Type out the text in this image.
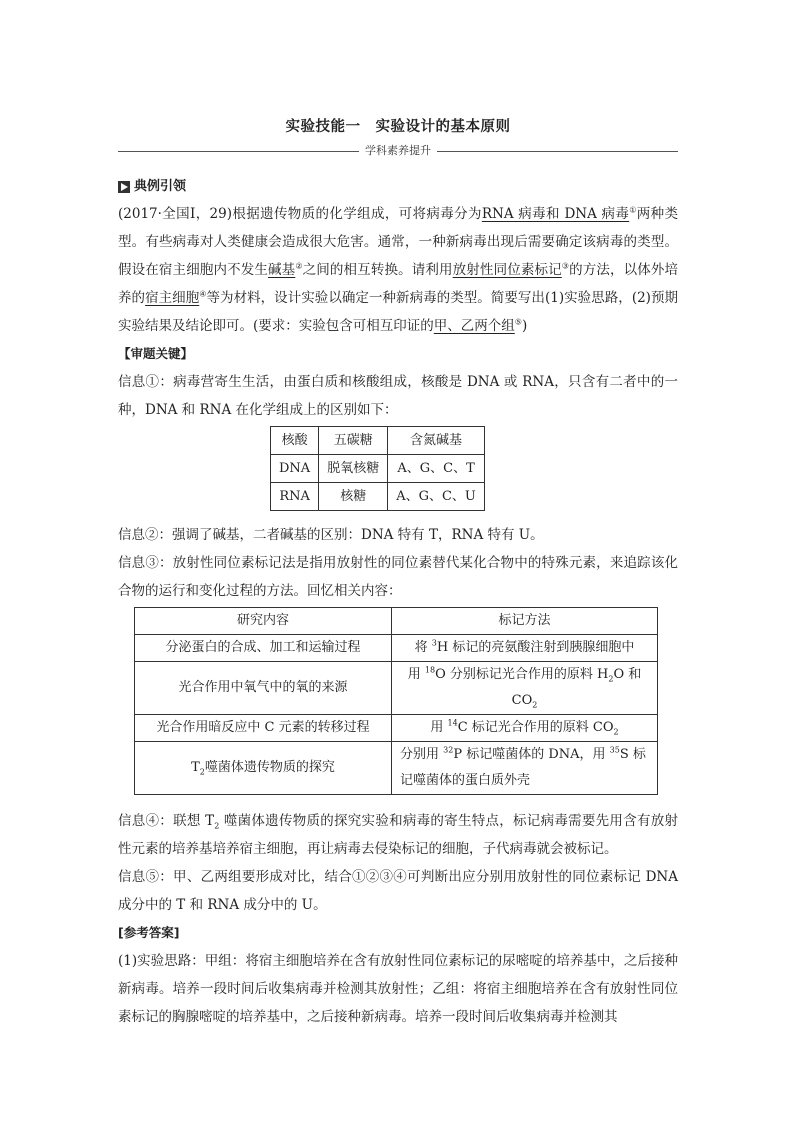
实验技能一　实验设计的基本原则
学科素养提升
典例引领

(2017·全国Ⅰ，29)根据遗传物质的化学组成，可将病毒分为RNA 病毒和 DNA 病毒①两种类型。有些病毒对人类健康会造成很大危害。通常，一种新病毒出现后需要确定该病毒的类型。假设在宿主细胞内不发生碱基②之间的相互转换。请利用放射性同位素标记③的方法，以体外培养的宿主细胞④等为材料，设计实验以确定一种新病毒的类型。简要写出(1)实验思路，(2)预期实验结果及结论即可。(要求：实验包含可相互印证的甲、乙两个组⑤)

【审题关键】

信息①：病毒营寄生生活，由蛋白质和核酸组成，核酸是 DNA 或 RNA，只含有二者中的一种，DNA 和 RNA 在化学组成上的区别如下：

核酸	五碳糖	含氮碱基
DNA	脱氧核糖	A、G、C、T
RNA	核糖	A、G、C、U

信息②：强调了碱基，二者碱基的区别：DNA 特有 T，RNA 特有 U。

信息③：放射性同位素标记法是指用放射性的同位素替代某化合物中的特殊元素，来追踪该化合物的运行和变化过程的方法。回忆相关内容：

研究内容	标记方法
分泌蛋白的合成、加工和运输过程	将 $^3$H 标记的亮氨酸注射到胰腺细胞中
光合作用中氧气中的氧的来源	用 $^{18}$O 分别标记光合作用的原料 $H_2O$ 和 $CO_2$
光合作用暗反应中 C 元素的转移过程	用 $^{14}$C 标记光合作用的原料 $CO_2$
$T_2$噬菌体遗传物质的探究	分别用 $^{32}$P 标记噬菌体的 DNA，用 $^{35}$S 标记噬菌体的蛋白质外壳

信息④：联想 $T_2$ 噬菌体遗传物质的探究实验和病毒的寄生特点，标记病毒需要先用含有放射性元素的培养基培养宿主细胞，再让病毒去侵染标记的细胞，子代病毒就会被标记。

信息⑤：甲、乙两组要形成对比，结合①②③④可判断出应分别用放射性的同位素标记 DNA 成分中的 T 和 RNA 成分中的 U。

[参考答案]

(1)实验思路：甲组：将宿主细胞培养在含有放射性同位素标记的尿嘧啶的培养基中，之后接种新病毒。培养一段时间后收集病毒并检测其放射性；乙组：将宿主细胞培养在含有放射性同位素标记的胸腺嘧啶的培养基中，之后接种新病毒。培养一段时间后收集病毒并检测其
